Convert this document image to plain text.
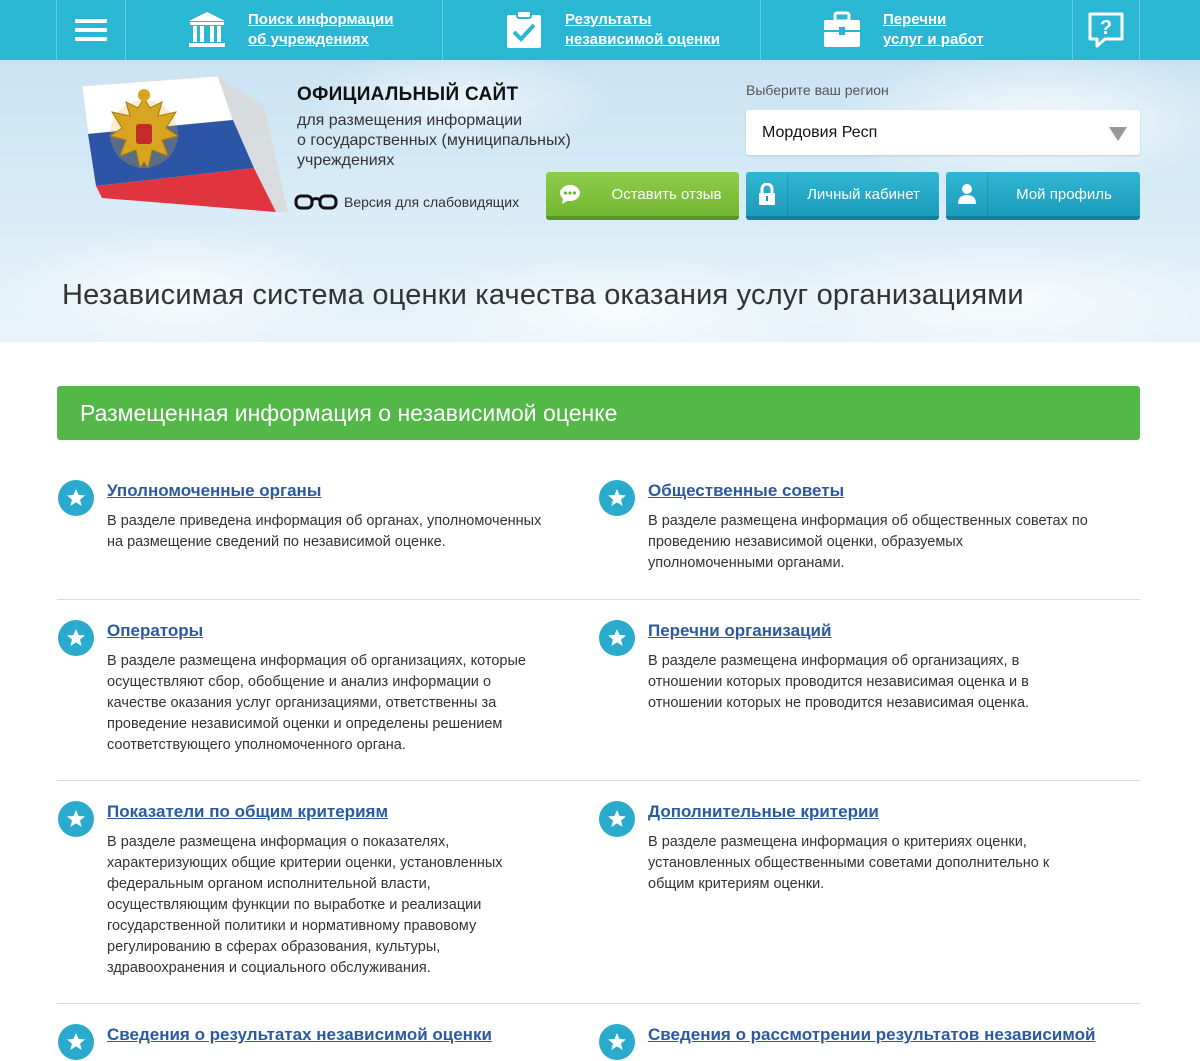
Поиск информации
об учреждениях
Результаты
независимой оценки
Перечни
услуг и работ
?
ОФИЦИАЛЬНЫЙ САЙТ
для размещения информации
о государственных (муниципальных)
учреждениях
Версия для слабовидящих
Выберите ваш регион
Мордовия Респ
Оставить отзыв	Личный кабинет	Мой профиль
Независимая система оценки качества оказания услуг организациями
Размещенная информация о независимой оценке
Уполномоченные органы
В разделе приведена информация об органах, уполномоченных
на размещение сведений по независимой оценке.
Общественные советы
В разделе размещена информация об общественных советах по
проведению независимой оценки, образуемых
уполномоченными органами.
Операторы
В разделе размещена информация об организациях, которые
осуществляют сбор, обобщение и анализ информации о
качестве оказания услуг организациями, ответственны за
проведение независимой оценки и определены решением
соответствующего уполномоченного органа.
Перечни организаций
В разделе размещена информация об организациях, в
отношении которых проводится независимая оценка и в
отношении которых не проводится независимая оценка.
Показатели по общим критериям
В разделе размещена информация о показателях,
характеризующих общие критерии оценки, установленных
федеральным органом исполнительной власти,
осуществляющим функции по выработке и реализации
государственной политики и нормативному правовому
регулированию в сферах образования, культуры,
здравоохранения и социального обслуживания.
Дополнительные критерии
В разделе размещена информация о критериях оценки,
установленных общественными советами дополнительно к
общим критериям оценки.
Сведения о результатах независимой оценки	Сведения о рассмотрении результатов независимой
